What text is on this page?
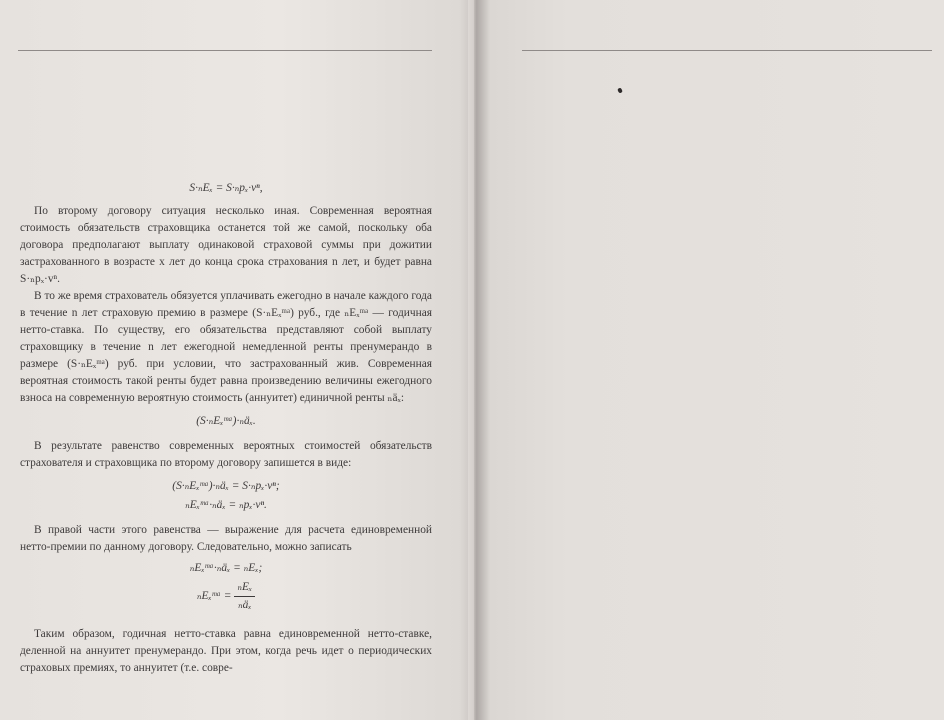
S·ₙEₓ = S·ₙpₓ·vⁿ,

По второму договору ситуация несколько иная. Современная вероятная стоимость обязательств страховщика останется той же самой, поскольку оба договора предполагают выплату одинаковой страховой суммы при дожитии застрахованного в возрасте x лет до конца срока страхования n лет, и будет равна S·ₙpₓ·vⁿ.

В то же время страхователь обязуется уплачивать ежегодно в начале каждого года в течение n лет страховую премию в размере (S·ₙEₓᵐᵃ) руб., где ₙEₓᵐᵃ — годичная нетто-ставка. По существу, его обязательства представляют собой выплату страховщику в течение n лет ежегодной немедленной ренты пренумерандо в размере (S·ₙEₓᵐᵃ) руб. при условии, что застрахованный жив. Современная вероятная стоимость такой ренты будет равна произведению величины ежегодного взноса на современную вероятную стоимость (аннуитет) единичной ренты ₙäₓ:

(S·ₙEₓᵐᵃ)·ₙäₓ.

В результате равенство современных вероятных стоимостей обязательств страхователя и страховщика по второму договору запишется в виде:

(S·ₙEₓᵐᵃ)·ₙäₓ = S·ₙpₓ·vⁿ;

ₙEₓᵐᵃ·ₙäₓ = ₙpₓ·vⁿ.

В правой части этого равенства — выражение для расчета единовременной нетто-премии по данному договору. Следовательно, можно записать

ₙEₓᵐᵃ·ₙäₓ = ₙEₓ;

ₙEₓᵐᵃ = $\frac{\text{ₙEₓ}}{\text{ₙäₓ}}$

Таким образом, годичная нетто-ставка равна единовременной нетто-ставке, деленной на аннуитет пренумерандо. При этом, когда речь идет о периодических страховых премиях, то аннуитет (т.е. совре-
